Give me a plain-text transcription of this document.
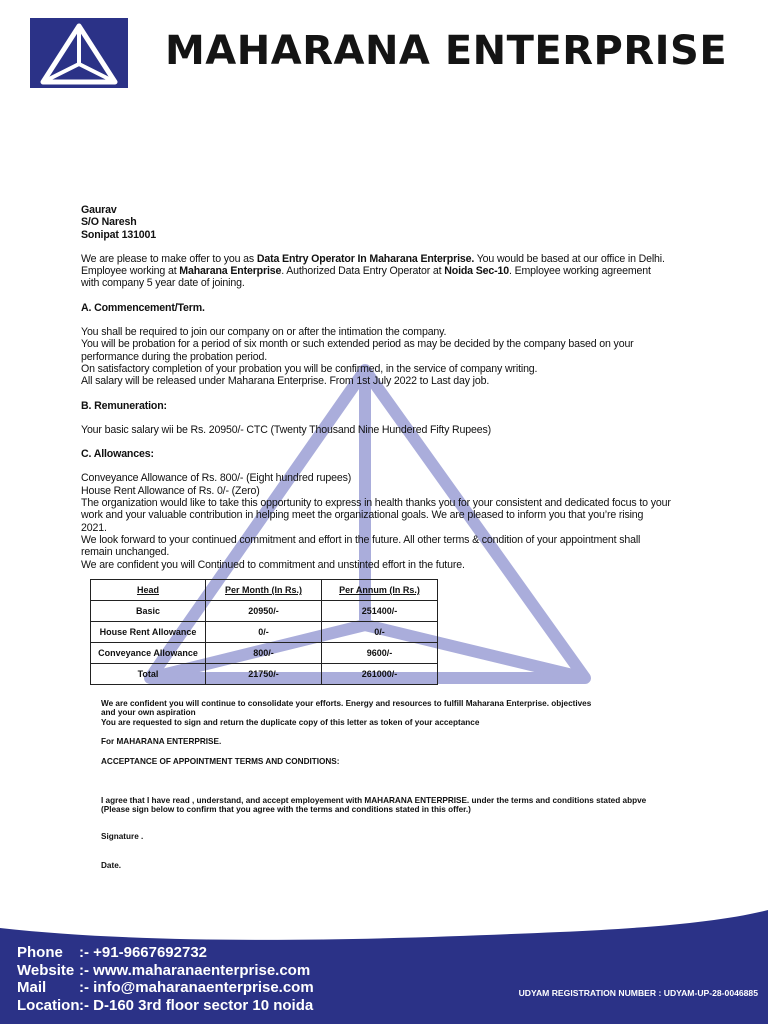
MAHARANA ENTERPRISE

Gaurav

S/O Naresh

Sonipat 131001

We are please to make offer to you as Data Entry Operator In Maharana Enterprise. You would be based at our office in Delhi. Employee working at Maharana Enterprise. Authorized Data Entry Operator at Noida Sec-10. Employee working agreement with company 5 year date of joining.

A. Commencement/Term.

You shall be required to join our company on or after the intimation the company.

You will be probation for a period of six month or such extended period as may be decided by the company based on your performance during the probation period.

On satisfactory completion of your probation you will be confirmed, in the service of company writing.

All salary will be released under Maharana Enterprise. From 1st July 2022 to Last day job.

B. Remuneration:

Your basic salary wii be Rs. 20950/- CTC (Twenty Thousand Nine Hundered Fifty Rupees)

C. Allowances:

Conveyance Allowance of Rs. 800/- (Eight hundred rupees)

House Rent Allowance of Rs. 0/- (Zero)

The organization would like to take this opportunity to express in health thanks you for your consistent and dedicated focus to your work and your valuable contribution in helping meet the organizational goals. We are pleased to inform you that you’re rising 2021.

We look forward to your continued commitment and effort in the future. All other terms & condition of your appointment shall remain unchanged.

We are confident you will Continued to commitment and unstinted effort in the future.

Head	Per Month (In Rs.)	Per Annum (In Rs.)
Basic	20950/-	251400/-
House Rent Allowance	0/-	0/-
Conveyance Allowance	800/-	9600/-
Total	21750/-	261000/-
We are confident you will continue to consolidate your efforts. Energy and resources to fulfill Maharana Enterprise. objectives
and your own aspiration
You are requested to sign and return the duplicate copy of this letter as token of your acceptance
For MAHARANA ENTERPRISE.
ACCEPTANCE OF APPOINTMENT TERMS AND CONDITIONS:
I agree that I have read , understand, and accept employement with MAHARANA ENTERPRISE. under the terms and conditions stated abpve (Please sign below to confirm that you agree with the terms and conditions stated in this offer.)
Signature .
Date.
Phone	:- +91-9667692732
Website :- www.maharanaenterprise.com
Mail	:- info@maharanaenterprise.com
Location :- D-160 3rd floor sector 10 noida
UDYAM REGISTRATION NUMBER : UDYAM-UP-28-0046885
